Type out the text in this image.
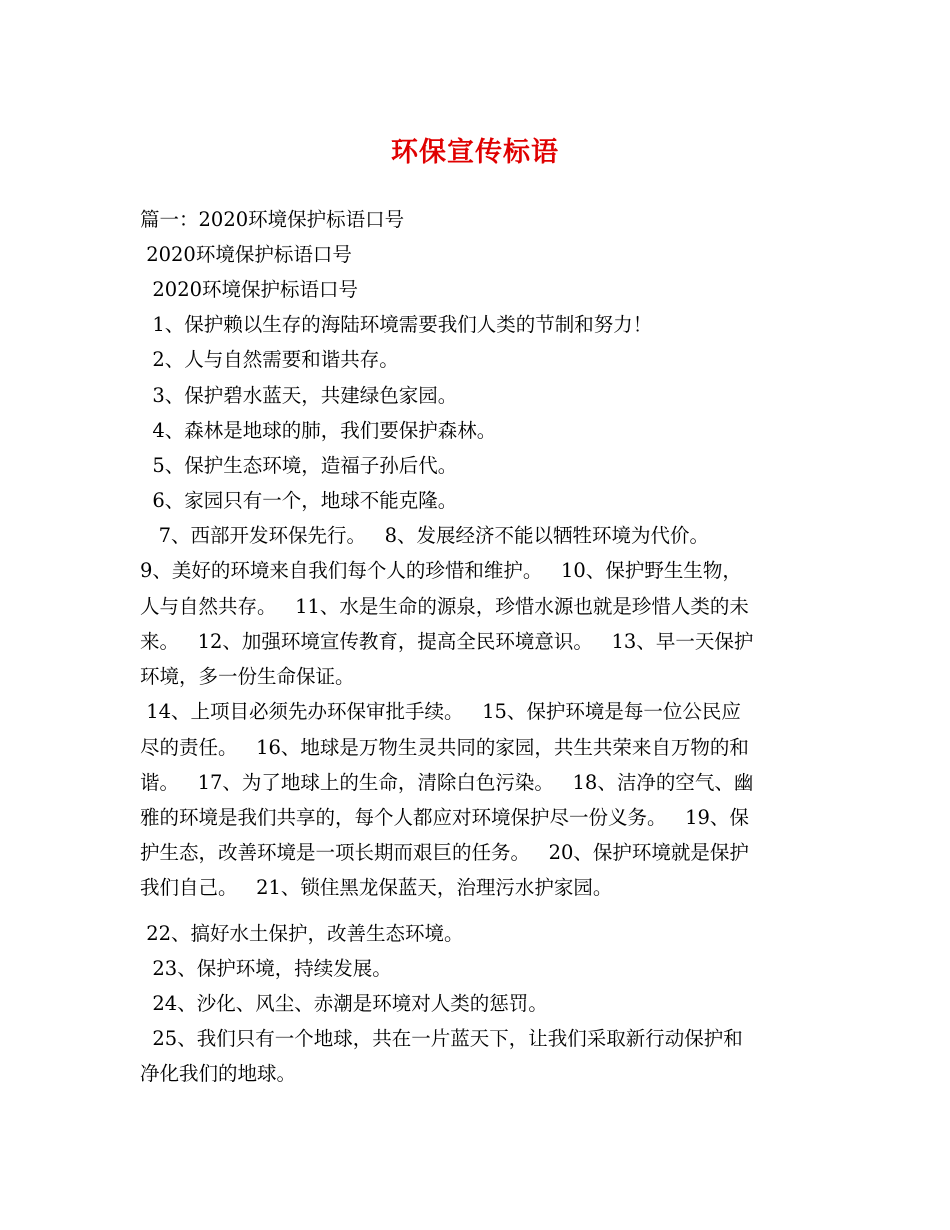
环保宣传标语
篇一：2020环境保护标语口号
2020环境保护标语口号
2020环境保护标语口号
1、保护赖以生存的海陆环境需要我们人类的节制和努力！
2、人与自然需要和谐共存。
3、保护碧水蓝天，共建绿色家园。
4、森林是地球的肺，我们要保护森林。
5、保护生态环境，造福子孙后代。
6、家园只有一个，地球不能克隆。
7、西部开发环保先行。   8、发展经济不能以牺牲环境为代价。
9、美好的环境来自我们每个人的珍惜和维护。   10、保护野生生物，
人与自然共存。   11、水是生命的源泉，珍惜水源也就是珍惜人类的未
来。   12、加强环境宣传教育，提高全民环境意识。   13、早一天保护
环境，多一份生命保证。
14、上项目必须先办环保审批手续。   15、保护环境是每一位公民应
尽的责任。   16、地球是万物生灵共同的家园，共生共荣来自万物的和
谐。   17、为了地球上的生命，清除白色污染。   18、洁净的空气、幽
雅的环境是我们共享的，每个人都应对环境保护尽一份义务。   19、保
护生态，改善环境是一项长期而艰巨的任务。   20、保护环境就是保护
我们自己。   21、锁住黑龙保蓝天，治理污水护家园。
22、搞好水土保护，改善生态环境。
23、保护环境，持续发展。
24、沙化、风尘、赤潮是环境对人类的惩罚。
25、我们只有一个地球，共在一片蓝天下，让我们采取新行动保护和
净化我们的地球。
